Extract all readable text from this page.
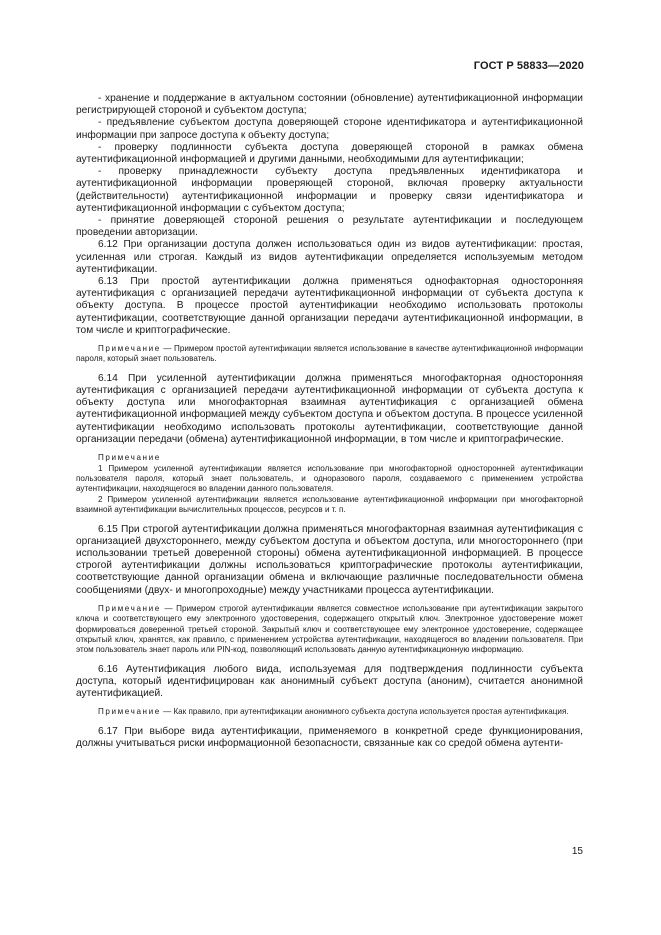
ГОСТ Р 58833—2020

- хранение и поддержание в актуальном состоянии (обновление) аутентификационной информации регистрирующей стороной и субъектом доступа;

- предъявление субъектом доступа доверяющей стороне идентификатора и аутентификационной информации при запросе доступа к объекту доступа;

- проверку подлинности субъекта доступа доверяющей стороной в рамках обмена аутентификационной информацией и другими данными, необходимыми для аутентификации;

- проверку принадлежности субъекту доступа предъявленных идентификатора и аутентификационной информации проверяющей стороной, включая проверку актуальности (действительности) аутентификационной информации и проверку связи идентификатора и аутентификационной информации с субъектом доступа;

- принятие доверяющей стороной решения о результате аутентификации и последующем проведении авторизации.

6.12 При организации доступа должен использоваться один из видов аутентификации: простая, усиленная или строгая. Каждый из видов аутентификации определяется используемым методом аутентификации.

6.13 При простой аутентификации должна применяться однофакторная односторонняя аутентификация с организацией передачи аутентификационной информации от субъекта доступа к объекту доступа. В процессе простой аутентификации необходимо использовать протоколы аутентификации, соответствующие данной организации передачи аутентификационной информации, в том числе и криптографические.

Примечание — Примером простой аутентификации является использование в качестве аутентификационной информации пароля, который знает пользователь.

6.14 При усиленной аутентификации должна применяться многофакторная односторонняя аутентификация с организацией передачи аутентификационной информации от субъекта доступа к объекту доступа или многофакторная взаимная аутентификация с организацией обмена аутентификационной информацией между субъектом доступа и объектом доступа. В процессе усиленной аутентификации необходимо использовать протоколы аутентификации, соответствующие данной организации передачи (обмена) аутентификационной информации, в том числе и криптографические.

Примечание

1 Примером усиленной аутентификации является использование при многофакторной односторонней аутентификации пользователя пароля, который знает пользователь, и одноразового пароля, создаваемого с применением устройства аутентификации, находящегося во владении данного пользователя.

2 Примером усиленной аутентификации является использование аутентификационной информации при многофакторной взаимной аутентификации вычислительных процессов, ресурсов и т. п.

6.15 При строгой аутентификации должна применяться многофакторная взаимная аутентификация с организацией двухстороннего, между субъектом доступа и объектом доступа, или многостороннего (при использовании третьей доверенной стороны) обмена аутентификационной информацией. В процессе строгой аутентификации должны использоваться криптографические протоколы аутентификации, соответствующие данной организации обмена и включающие различные последовательности обмена сообщениями (двух- и многопроходные) между участниками процесса аутентификации.

Примечание — Примером строгой аутентификации является совместное использование при аутентификации закрытого ключа и соответствующего ему электронного удостоверения, содержащего открытый ключ. Электронное удостоверение может формироваться доверенной третьей стороной. Закрытый ключ и соответствующее ему электронное удостоверение, содержащее открытый ключ, хранятся, как правило, с применением устройства аутентификации, находящегося во владении пользователя. При этом пользователь знает пароль или PIN-код, позволяющий использовать данную аутентификационную информацию.

6.16 Аутентификация любого вида, используемая для подтверждения подлинности субъекта доступа, который идентифицирован как анонимный субъект доступа (аноним), считается анонимной аутентификацией.

Примечание — Как правило, при аутентификации анонимного субъекта доступа используется простая аутентификация.

6.17 При выборе вида аутентификации, применяемого в конкретной среде функционирования, должны учитываться риски информационной безопасности, связанные как со средой обмена аутенти-

15
